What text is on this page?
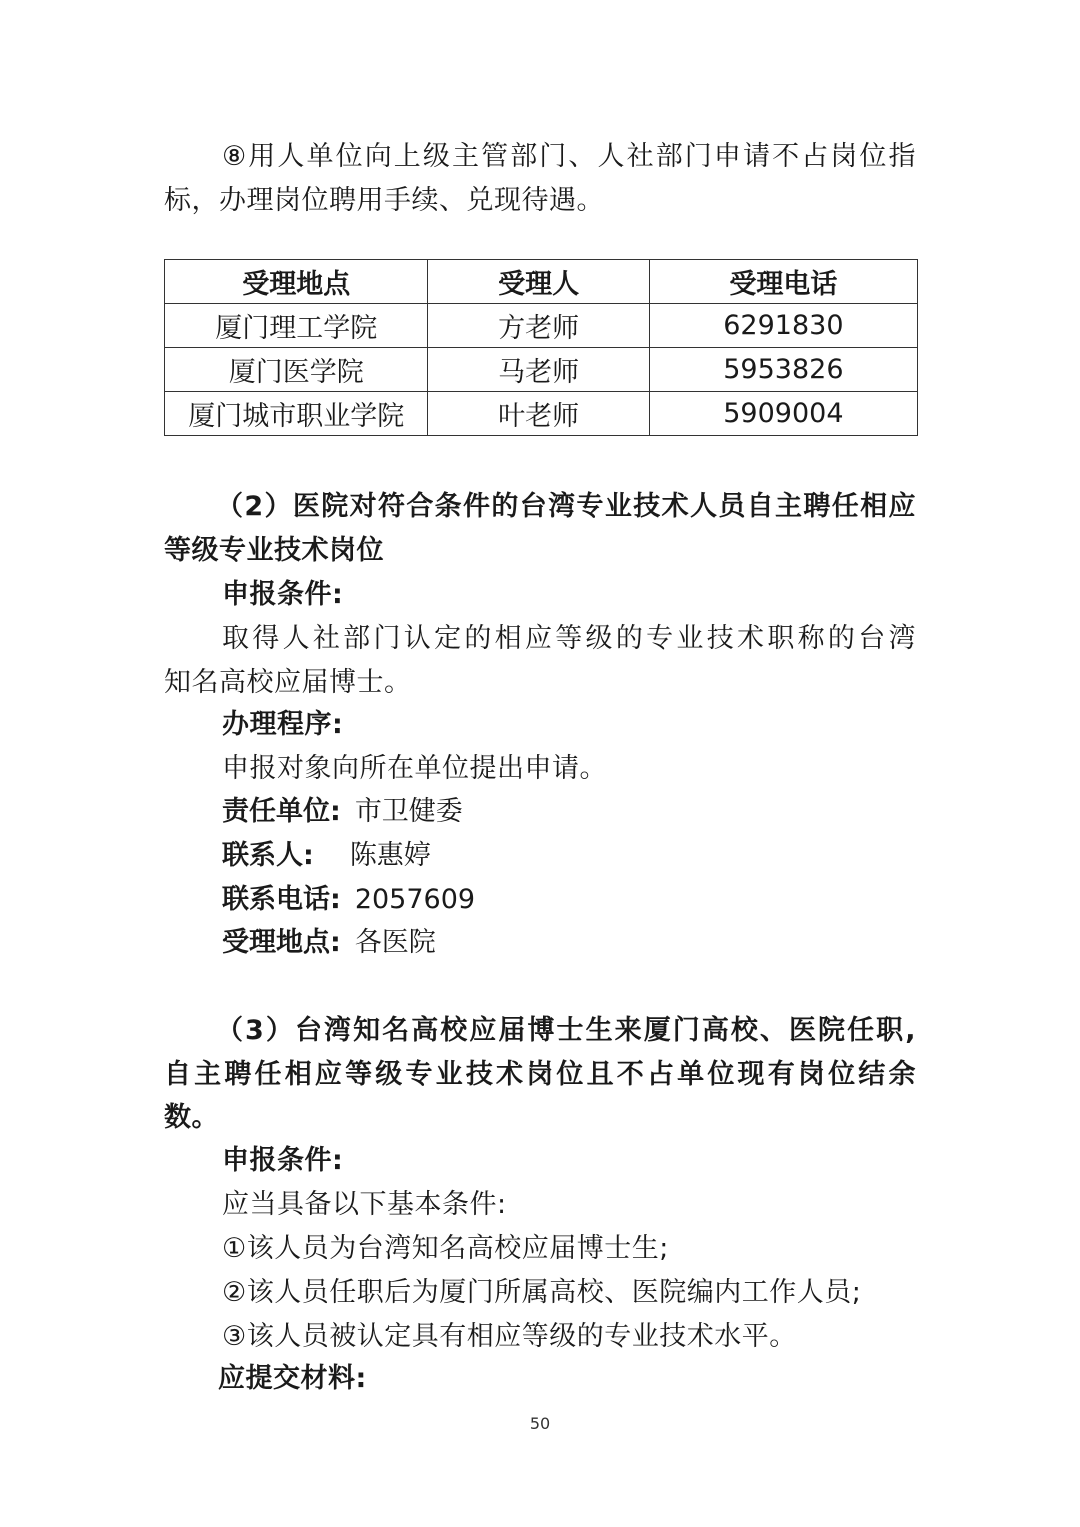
⑧用人单位向上级主管部门、人社部门申请不占岗位指
标，办理岗位聘用手续、兑现待遇。
受理地点	受理人	受理电话
厦门理工学院	方老师	6291830
厦门医学院	马老师	5953826
厦门城市职业学院	叶老师	5909004
（2）医院对符合条件的台湾专业技术人员自主聘任相应
等级专业技术岗位
申报条件:
取得人社部门认定的相应等级的专业技术职称的台湾
知名高校应届博士。
办理程序:
申报对象向所在单位提出申请。
责任单位: 市卫健委
联系人: 陈惠婷
联系电话: 2057609
受理地点: 各医院
（3）台湾知名高校应届博士生来厦门高校、医院任职,
自主聘任相应等级专业技术岗位且不占单位现有岗位结余
数。
申报条件:
应当具备以下基本条件:
①该人员为台湾知名高校应届博士生;
②该人员任职后为厦门所属高校、医院编内工作人员;
③该人员被认定具有相应等级的专业技术水平。
应提交材料:
50
